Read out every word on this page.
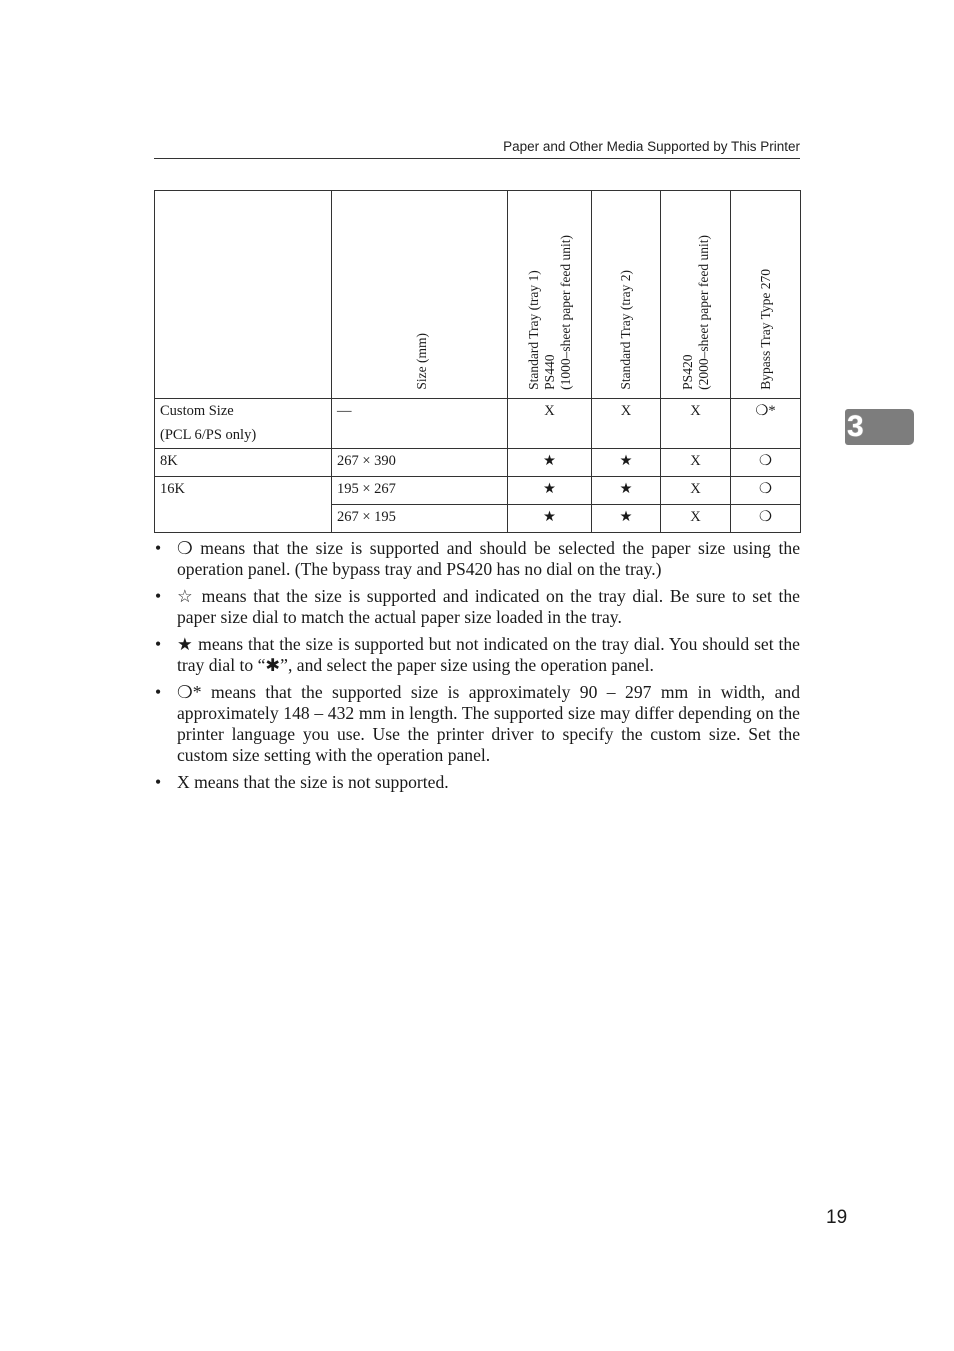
Paper and Other Media Supported by This Printer
3

	Size (mm)	Standard Tray (tray 1)
PS440
(1000–sheet paper feed unit)	Standard Tray (tray 2)	PS420
(2000–sheet paper feed unit)	Bypass Tray Type 270

Custom Size
(PCL 6/PS only)	—	X	X	X	❍*
8K	267 × 390	★	★	X	❍
16K	195 × 267	★	★	X	❍
	267 × 195	★	★	X	❍
• ❍ means that the size is supported and should be selected the paper size using the operation panel. (The bypass tray and PS420 has no dial on the tray.)
• ☆ means that the size is supported and indicated on the tray dial. Be sure to set the paper size dial to match the actual paper size loaded in the tray.
• ★ means that the size is supported but not indicated on the tray dial. You should set the tray dial to “✱”, and select the paper size using the operation panel.
• ❍* means that the supported size is approximately 90 – 297 mm in width, and approximately 148 – 432 mm in length. The supported size may differ depending on the printer language you use. Use the printer driver to specify the custom size. Set the custom size setting with the operation panel.
• X means that the size is not supported.
19
